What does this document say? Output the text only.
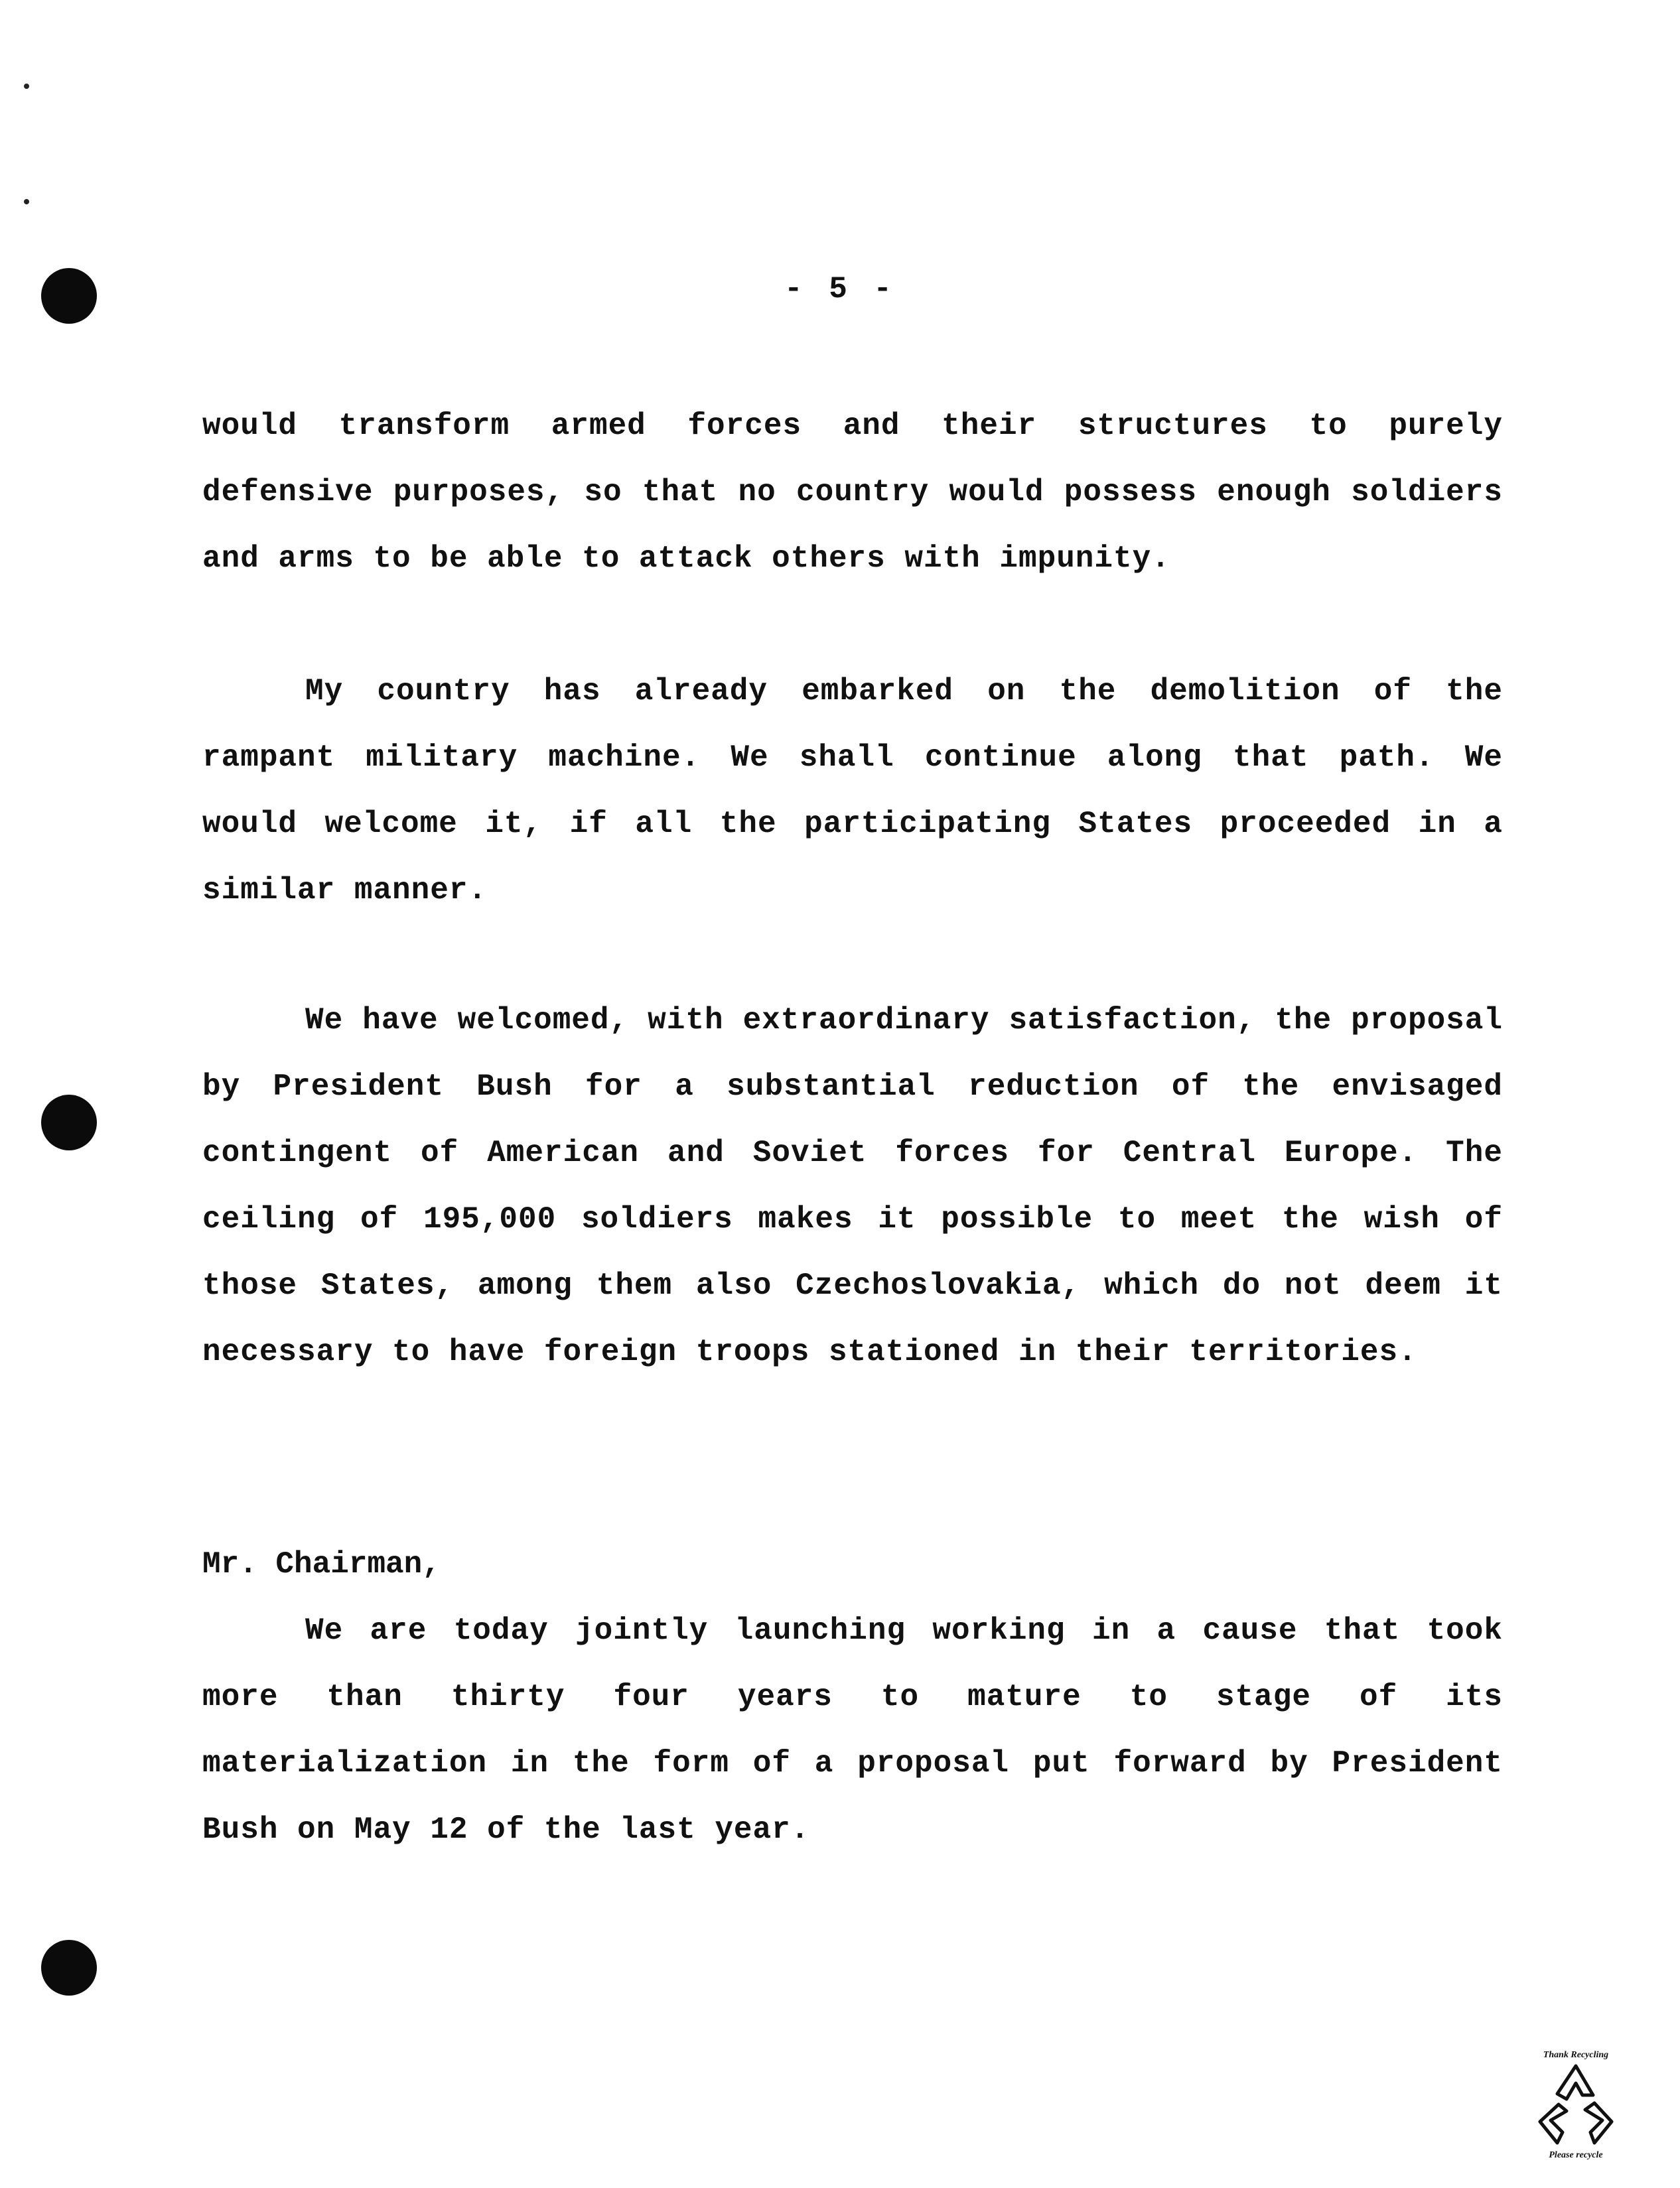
- 5 -
would transform armed forces and their structures to purely defensive purposes, so that no country would possess enough soldiers and arms to be able to attack others with impunity.
My country has already embarked on the demolition of the rampant military machine. We shall continue along that path. We would welcome it, if all the participating States proceeded in a similar manner.
We have welcomed, with extraordinary satisfaction, the proposal by President Bush for a substantial reduction of the envisaged contingent of American and Soviet forces for Central Europe. The ceiling of 195,000 soldiers makes it possible to meet the wish of those States, among them also Czechoslovakia, which do not deem it necessary to have foreign troops stationed in their territories.
Mr. Chairman,
We are today jointly launching working in a cause that took more than thirty four years to mature to stage of its materialization in the form of a proposal put forward by President Bush on May 12 of the last year.
Thank Recycling
Please recycle
